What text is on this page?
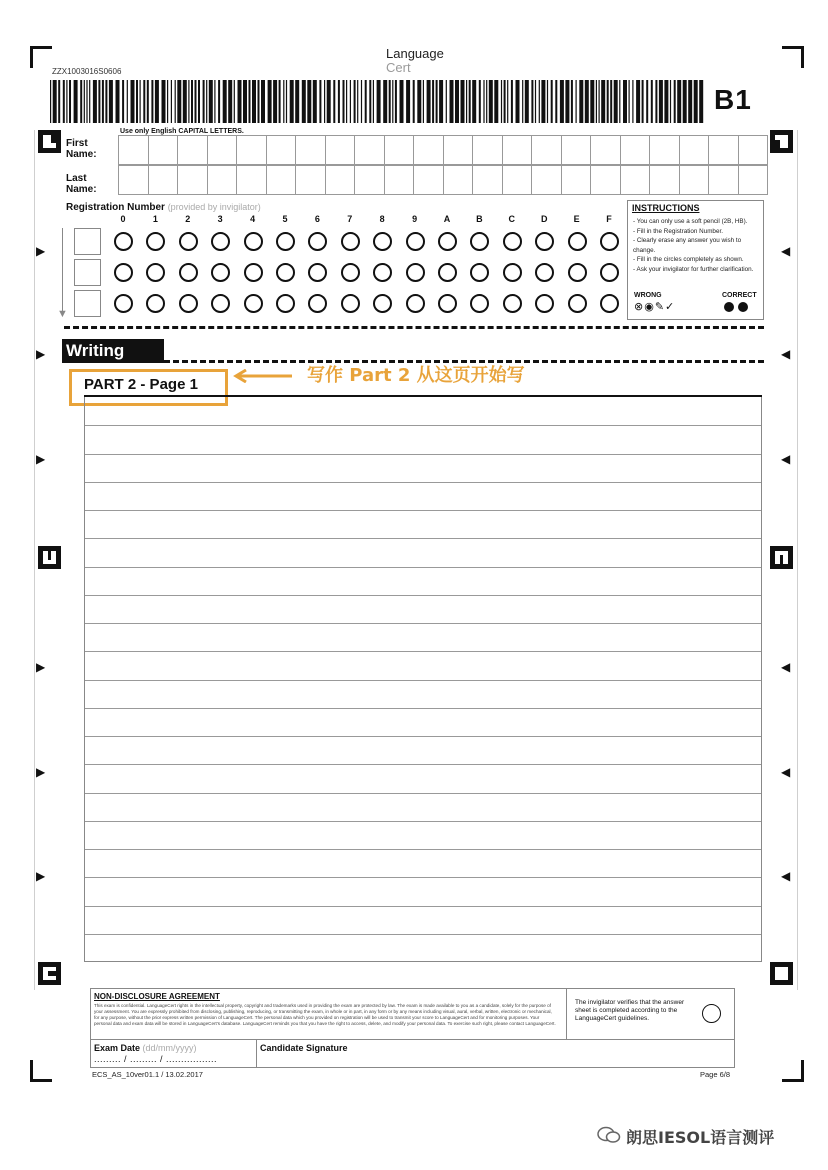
Language
Cert
ZZX1003016S0606
B1
▶
▶
▶
▶
▶
▶
◀
◀
◀
◀
◀
◀
Use only English CAPITAL LETTERS.
First Name:
Last Name:
Registration Number (provided by invigilator)
0	1	2	3	4	5	6	7	8	9	A	B	C	D	E	F
▼
INSTRUCTIONS
- You can only use a soft pencil (2B, HB).
- Fill in the Registration Number.
- Clearly erase any answer you wish to change.
- Fill in the circles completely as shown.
- Ask your invigilator for further clarification.
WRONG
⊗◉✎✓
CORRECT
Writing
PART 2 - Page 1	写作 Part 2 从这页开始写
NON-DISCLOSURE AGREEMENT
This exam is confidential. LanguageCert rights in the intellectual property, copyright and trademarks used in providing the exam are protected by law. The exam is made available to you as a candidate, solely for the purpose of your assessment. You are expressly prohibited from disclosing, publishing, reproducing, or transmitting the exam, in whole or in part, in any form or by any means including visual, aural, verbal, written, electronic or mechanical, for any purpose, without the prior express written permission of LanguageCert. The personal data which you provided on registration will be used to transmit your score to LanguageCert and for monitoring purposes. Your personal data and exam data will be stored in LanguageCert's database. LanguageCert reminds you that you have the right to access, delete, and modify your personal data. To exercise such right, please contact LanguageCert.
The invigilator verifies that the answer sheet is completed according to the LanguageCert guidelines.
Exam Date (dd/mm/yyyy)
......... / ......... / .................
Candidate Signature
ECS_AS_10ver01.1 / 13.02.2017	Page 6/8
朗思IESOL语言测评
